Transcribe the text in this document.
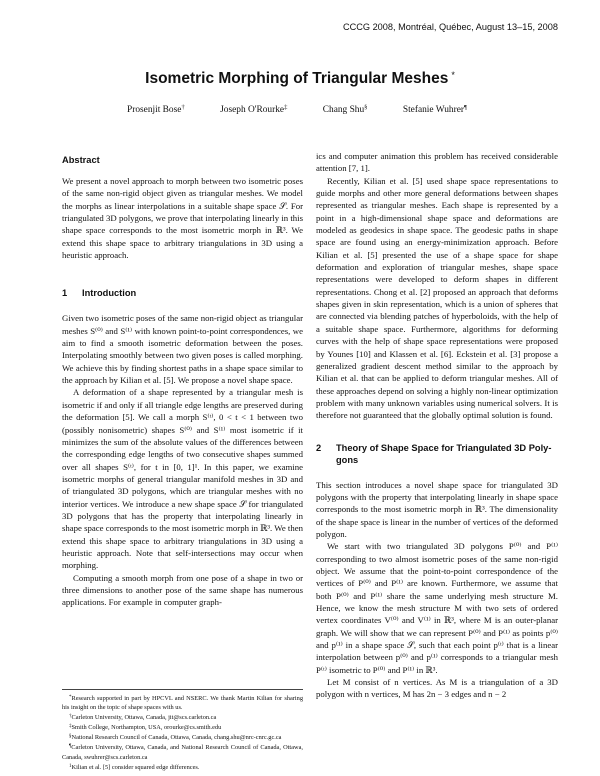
CCCG 2008, Montréal, Québec, August 13–15, 2008
Isometric Morphing of Triangular Meshes *
Prosenjit Bose†	Joseph O'Rourke‡	Chang Shu§	Stefanie Wuhrer¶
Abstract

We present a novel approach to morph between two isometric poses of the same non-rigid object given as triangular meshes. We model the morphs as linear interpolations in a suitable shape space 𝒮. For triangulated 3D polygons, we prove that interpolating linearly in this shape space corresponds to the most isometric morph in ℝ³. We extend this shape space to arbitrary triangulations in 3D using a heuristic approach.

1	Introduction

Given two isometric poses of the same non-rigid object as triangular meshes S⁽⁰⁾ and S⁽¹⁾ with known point-to-point correspondences, we aim to find a smooth isometric deformation between the poses. Interpolating smoothly between two given poses is called morphing. We achieve this by finding shortest paths in a shape space similar to the approach by Kilian et al. [5]. We propose a novel shape space.

A deformation of a shape represented by a triangular mesh is isometric if and only if all triangle edge lengths are preserved during the deformation [5]. We call a morph S⁽ᵗ⁾, 0 < t < 1 between two (possibly nonisometric) shapes S⁽⁰⁾ and S⁽¹⁾ most isometric if it minimizes the sum of the absolute values of the differences between the corresponding edge lengths of two consecutive shapes summed over all shapes S⁽ᵗ⁾, for t in [0, 1]¹. In this paper, we examine isometric morphs of general triangular manifold meshes in 3D and of triangulated 3D polygons, which are triangular meshes with no interior vertices. We introduce a new shape space 𝒮 for triangulated 3D polygons that has the property that interpolating linearly in shape space corresponds to the most isometric morph in ℝ³. We then extend this shape space to arbitrary triangulations in 3D using a heuristic approach. Note that self-intersections may occur when morphing.

Computing a smooth morph from one pose of a shape in two or three dimensions to another pose of the same shape has numerous applications. For example in computer graph-

*Research supported in part by HPCVL and NSERC. We thank Martin Kilian for sharing his insight on the topic of shape spaces with us.

†Carleton University, Ottawa, Canada, jit@scs.carleton.ca

‡Smith College, Northampton, USA, orourke@cs.smith.edu

§National Research Council of Canada, Ottawa, Canada, chang.shu@nrc-cnrc.gc.ca

¶Carleton University, Ottawa, Canada, and National Research Council of Canada, Ottawa, Canada, swuhrer@scs.carleton.ca

$^1$Kilian et al. [5] consider squared edge differences.

ics and computer animation this problem has received considerable attention [7, 1].

Recently, Kilian et al. [5] used shape space representations to guide morphs and other more general deformations between shapes represented as triangular meshes. Each shape is represented by a point in a high-dimensional shape space and deformations are modeled as geodesics in shape space. The geodesic paths in shape space are found using an energy-minimization approach. Before Kilian et al. [5] presented the use of a shape space for shape deformation and exploration of triangular meshes, shape space representations were developed to deform shapes in different representations. Chong et al. [2] proposed an approach that deforms shapes given in skin representation, which is a union of spheres that are connected via blending patches of hyperboloids, with the help of a suitable shape space. Furthermore, algorithms for deforming curves with the help of shape space representations were proposed by Younes [10] and Klassen et al. [6]. Eckstein et al. [3] propose a generalized gradient descent method similar to the approach by Kilian et al. that can be applied to deform triangular meshes. All of these approaches depend on solving a highly non-linear optimization problem with many unknown variables using numerical solvers. It is therefore not guaranteed that the globally optimal solution is found.

2	Theory of Shape Space for Triangulated 3D Poly-
gons

This section introduces a novel shape space for triangulated 3D polygons with the property that interpolating linearly in shape space corresponds to the most isometric morph in ℝ³. The dimensionality of the shape space is linear in the number of vertices of the deformed polygon.

We start with two triangulated 3D polygons P⁽⁰⁾ and P⁽¹⁾ corresponding to two almost isometric poses of the same non-rigid object. We assume that the point-to-point correspondence of the vertices of P⁽⁰⁾ and P⁽¹⁾ are known. Furthermore, we assume that both P⁽⁰⁾ and P⁽¹⁾ share the same underlying mesh structure M. Hence, we know the mesh structure M with two sets of ordered vertex coordinates V⁽⁰⁾ and V⁽¹⁾ in ℝ³, where M is an outer-planar graph. We will show that we can represent P⁽⁰⁾ and P⁽¹⁾ as points p⁽⁰⁾ and p⁽¹⁾ in a shape space 𝒮, such that each point p⁽ᵗ⁾ that is a linear interpolation between p⁽⁰⁾ and p⁽¹⁾ corresponds to a triangular mesh P⁽ᵗ⁾ isometric to P⁽⁰⁾ and P⁽¹⁾ in ℝ³.

Let M consist of n vertices. As M is a triangulation of a 3D polygon with n vertices, M has 2n − 3 edges and n − 2
